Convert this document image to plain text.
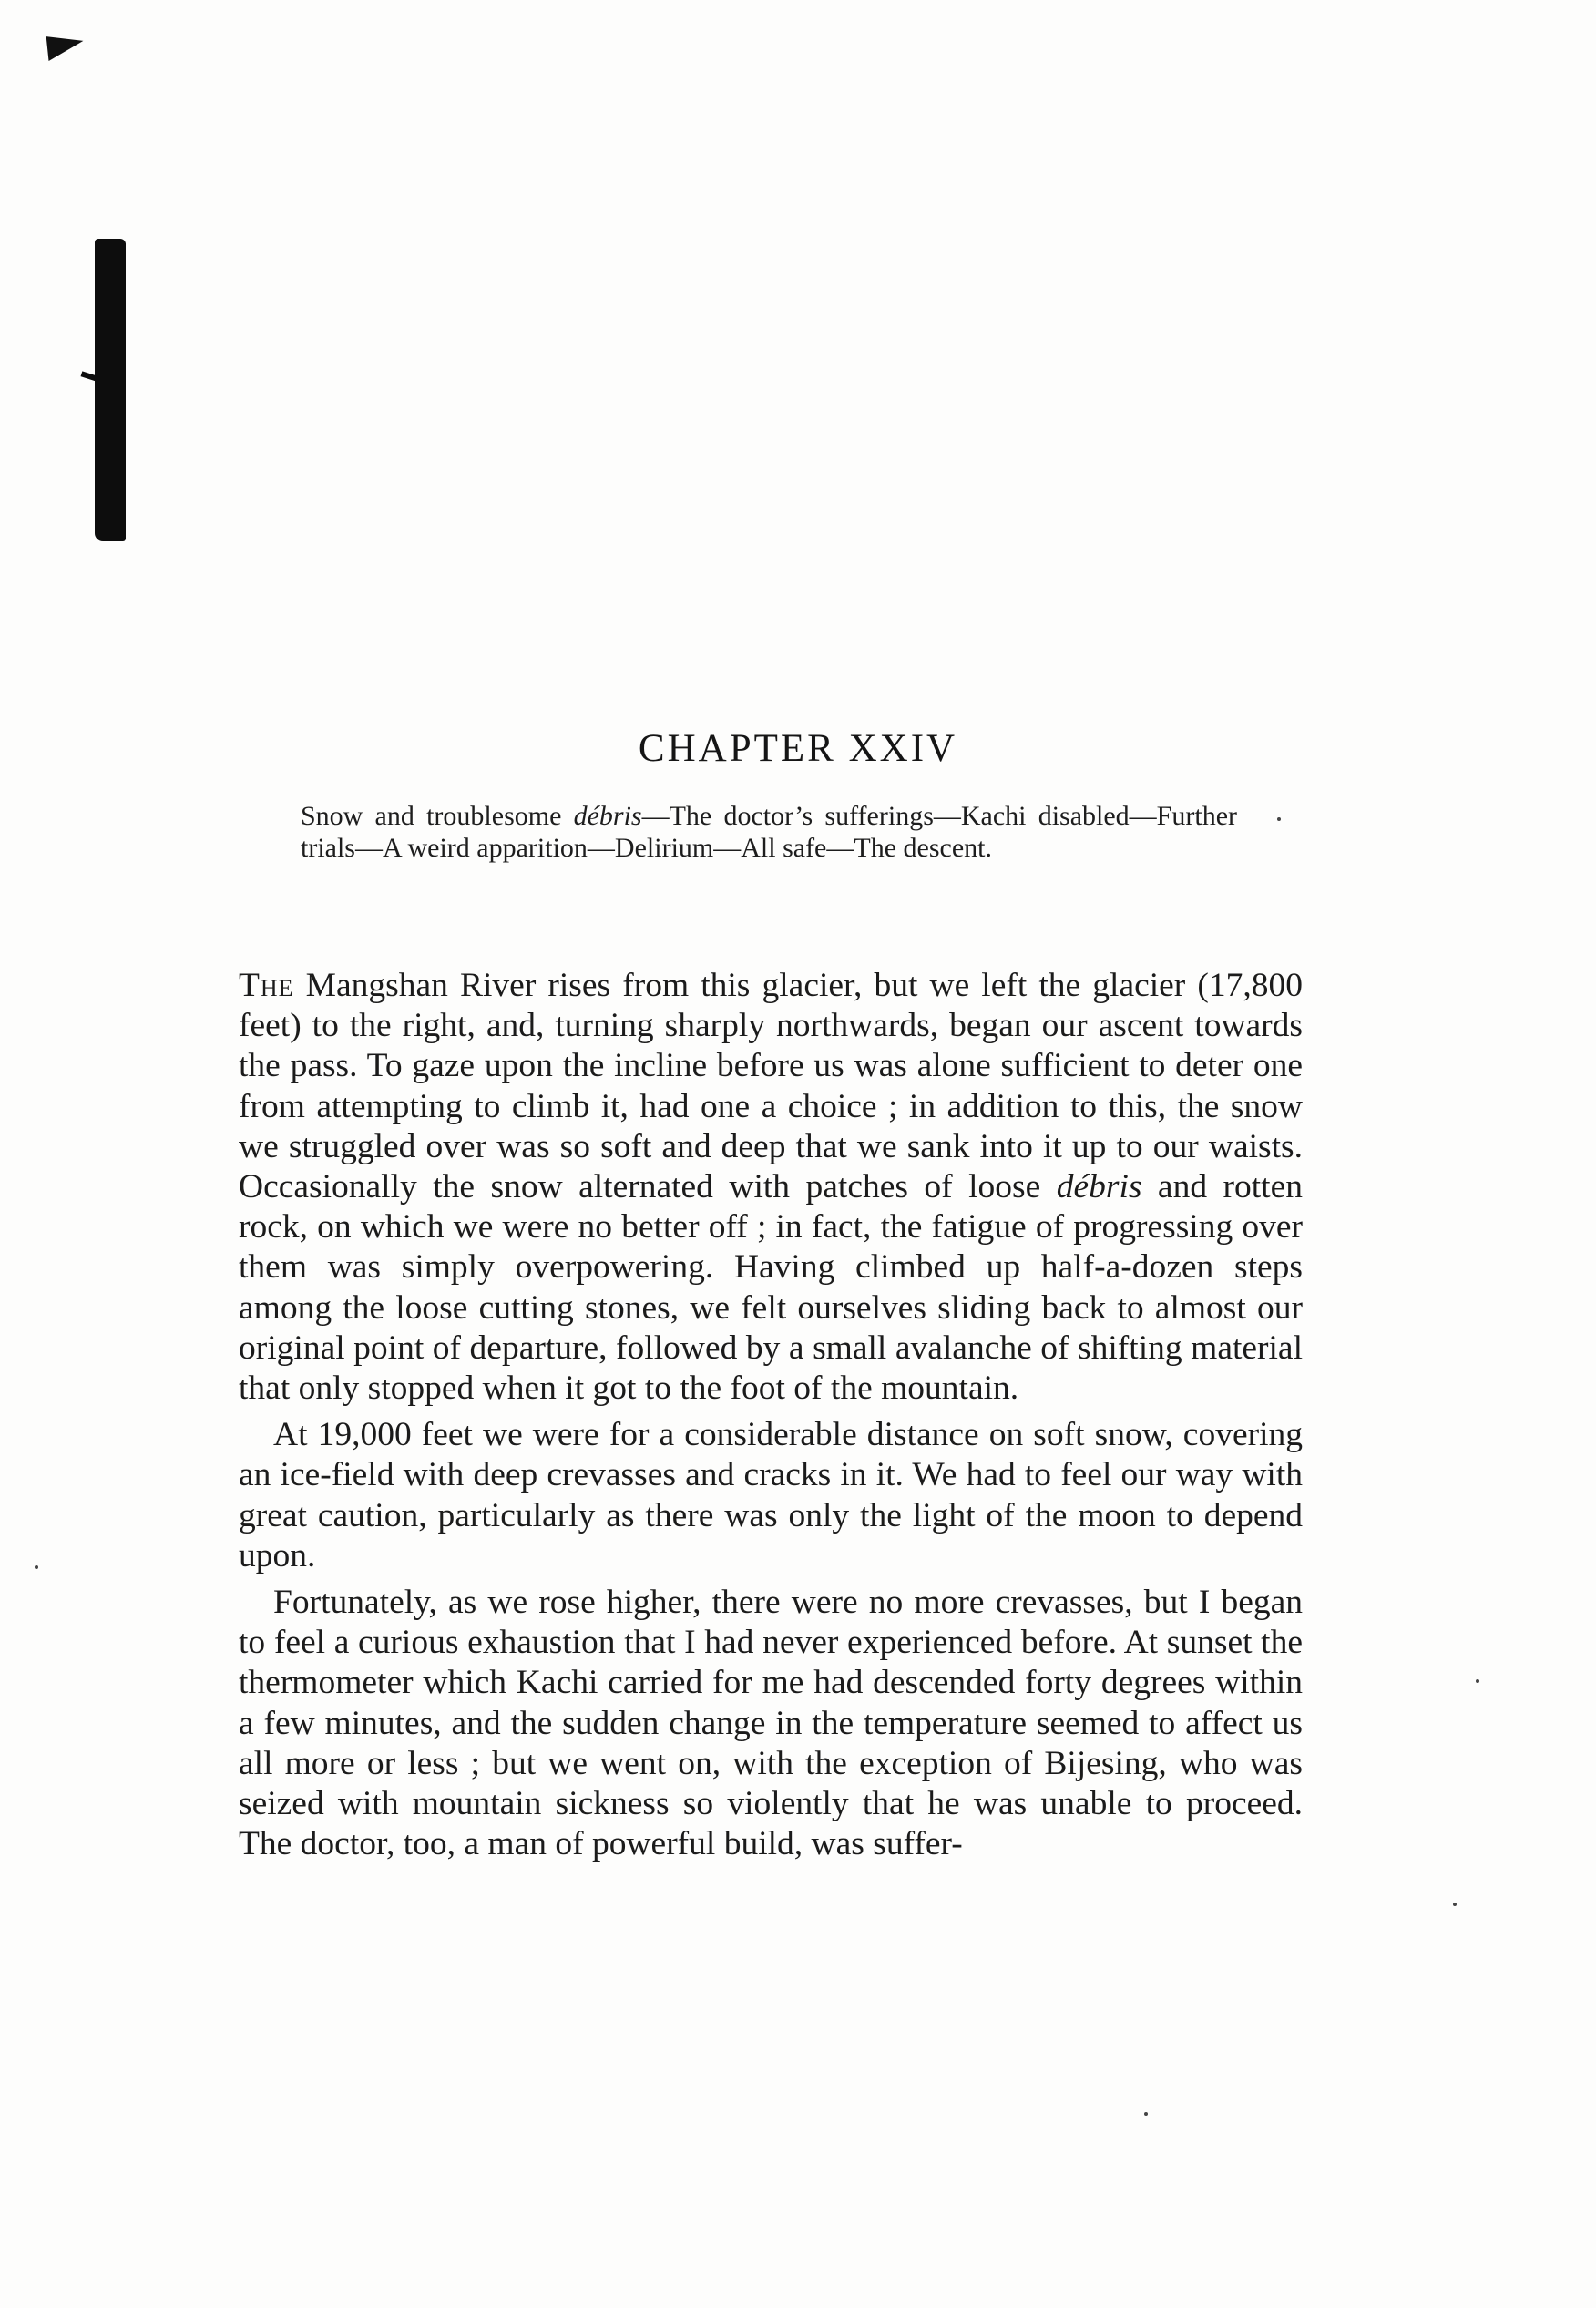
CHAPTER XXIV
Snow and troublesome débris—The doctor’s sufferings—Kachi disabled—Further trials—A weird apparition—Delirium—All safe—The descent.

The Mangshan River rises from this glacier, but we left the glacier (17,800 feet) to the right, and, turning sharply northwards, began our ascent towards the pass. To gaze upon the incline before us was alone sufficient to deter one from attempting to climb it, had one a choice ; in addition to this, the snow we struggled over was so soft and deep that we sank into it up to our waists. Occasionally the snow alternated with patches of loose débris and rotten rock, on which we were no better off ; in fact, the fatigue of progressing over them was simply overpowering. Having climbed up half-a-dozen steps among the loose cutting stones, we felt ourselves sliding back to almost our original point of departure, followed by a small avalanche of shifting material that only stopped when it got to the foot of the mountain.

At 19,000 feet we were for a considerable distance on soft snow, covering an ice-field with deep crevasses and cracks in it. We had to feel our way with great caution, particularly as there was only the light of the moon to depend upon.

Fortunately, as we rose higher, there were no more crevasses, but I began to feel a curious exhaustion that I had never experienced before. At sunset the thermometer which Kachi carried for me had descended forty degrees within a few minutes, and the sudden change in the temperature seemed to affect us all more or less ; but we went on, with the exception of Bijesing, who was seized with mountain sickness so violently that he was unable to proceed. The doctor, too, a man of powerful build, was suffer-
